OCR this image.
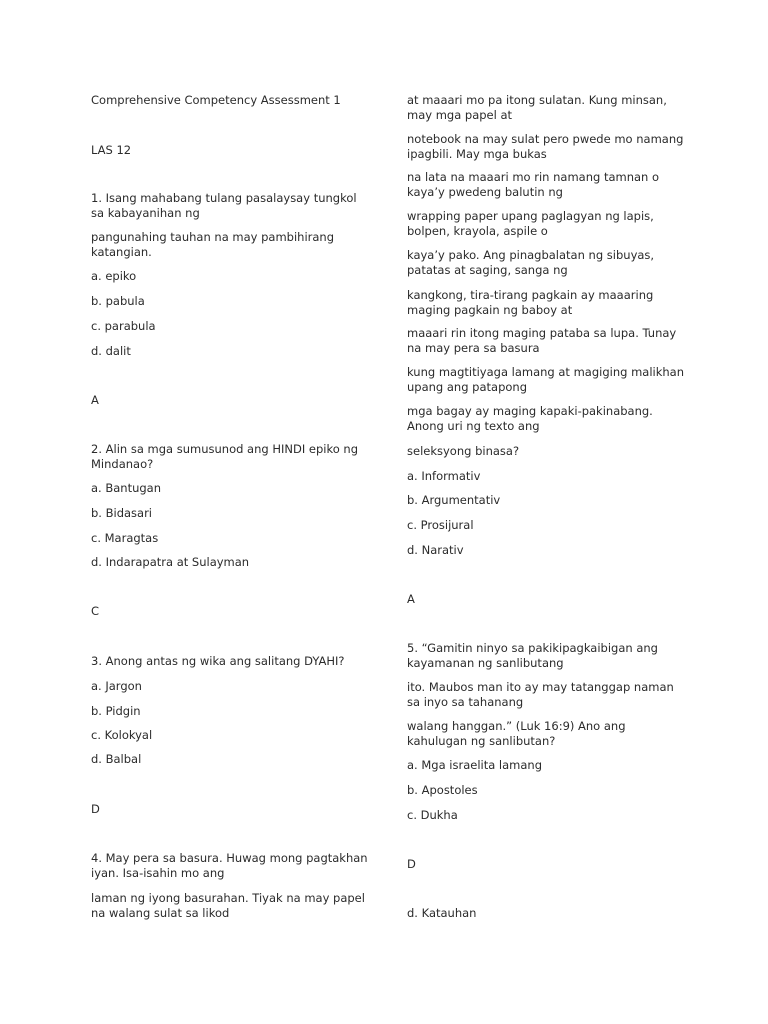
Comprehensive Competency Assessment 1

LAS 12

1. Isang mahabang tulang pasalaysay tungkol sa kabayanihan ng

pangunahing tauhan na may pambihirang katangian.

a. epiko

b. pabula

c. parabula

d. dalit

A

2. Alin sa mga sumusunod ang HINDI epiko ng Mindanao?

a. Bantugan

b. Bidasari

c. Maragtas

d. Indarapatra at Sulayman

C

3. Anong antas ng wika ang salitang DYAHI?

a. Jargon

b. Pidgin

c. Kolokyal

d. Balbal

D

4. May pera sa basura. Huwag mong pagtakhan iyan. Isa-isahin mo ang

laman ng iyong basurahan. Tiyak na may papel na walang sulat sa likod

at maaari mo pa itong sulatan. Kung minsan, may mga papel at

notebook na may sulat pero pwede mo namang ipagbili. May mga bukas

na lata na maaari mo rin namang tamnan o kaya’y pwedeng balutin ng

wrapping paper upang paglagyan ng lapis, bolpen, krayola, aspile o

kaya’y pako. Ang pinagbalatan ng sibuyas, patatas at saging, sanga ng

kangkong, tira-tirang pagkain ay maaaring maging pagkain ng baboy at

maaari rin itong maging pataba sa lupa. Tunay na may pera sa basura

kung magtitiyaga lamang at magiging malikhan upang ang patapong

mga bagay ay maging kapaki-pakinabang. Anong uri ng texto ang

seleksyong binasa?

a. Informativ

b. Argumentativ

c. Prosijural

d. Narativ

A

5. “Gamitin ninyo sa pakikipagkaibigan ang kayamanan ng sanlibutang

ito. Maubos man ito ay may tatanggap naman sa inyo sa tahanang

walang hanggan.” (Luk 16:9) Ano ang kahulugan ng sanlibutan?

a. Mga israelita lamang

b. Apostoles

c. Dukha

D

d. Katauhan
